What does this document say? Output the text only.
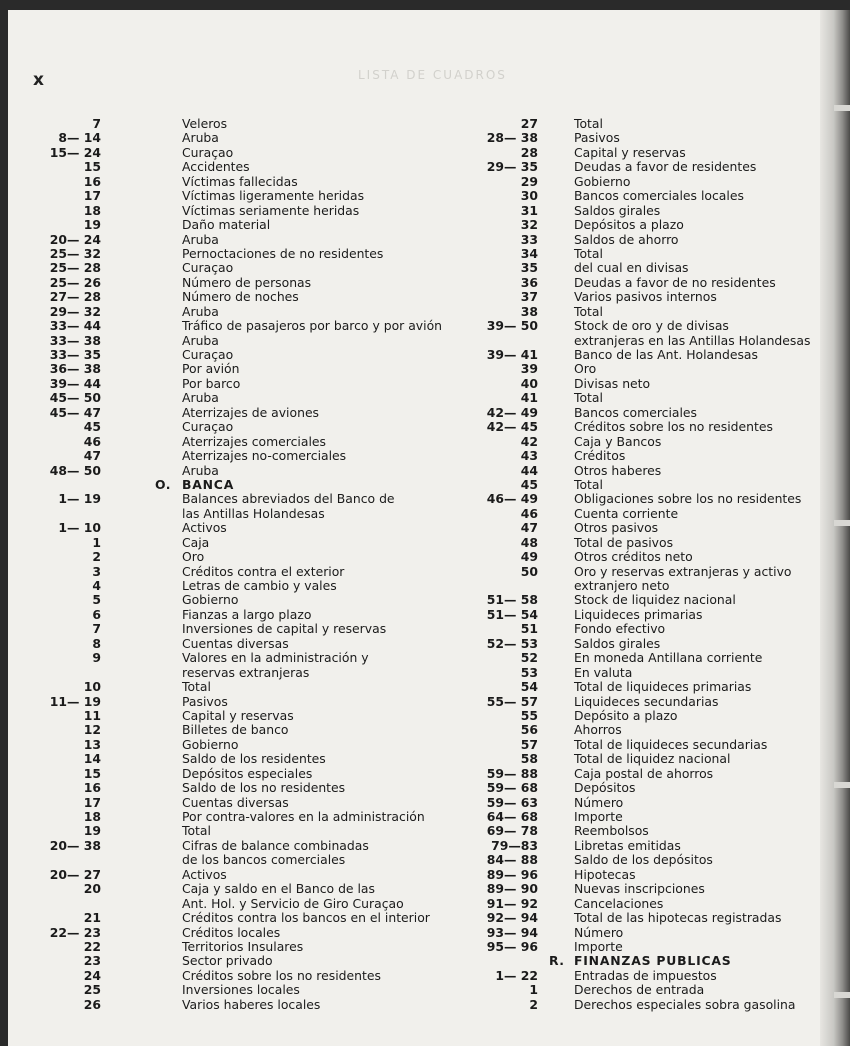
LISTA DE CUADROS
x
7	Veleros
8— 14	Aruba
15— 24	Curaçao
15	Accidentes
16	Víctimas fallecidas
17	Víctimas ligeramente heridas
18	Víctimas seriamente heridas
19	Daño material
20— 24	Aruba
25— 32	Pernoctaciones de no residentes
25— 28	Curaçao
25— 26	Número de personas
27— 28	Número de noches
29— 32	Aruba
33— 44	Tráfico de pasajeros por barco y por avión
33— 38	Aruba
33— 35	Curaçao
36— 38	Por avión
39— 44	Por barco
45— 50	Aruba
45— 47	Aterrizajes de aviones
45	Curaçao
46	Aterrizajes comerciales
47	Aterrizajes no-comerciales
48— 50	Aruba
O. BANCA
1— 19	Balances abreviados del Banco de
las Antillas Holandesas
1— 10	Activos
1	Caja
2	Oro
3	Créditos contra el exterior
4	Letras de cambio y vales
5	Gobierno
6	Fianzas a largo plazo
7	Inversiones de capital y reservas
8	Cuentas diversas
9	Valores en la administración y
reservas extranjeras
10	Total
11— 19	Pasivos
11	Capital y reservas
12	Billetes de banco
13	Gobierno
14	Saldo de los residentes
15	Depósitos especiales
16	Saldo de los no residentes
17	Cuentas diversas
18	Por contra-valores en la administración
19	Total
20— 38	Cifras de balance combinadas
de los bancos comerciales
20— 27	Activos
20	Caja y saldo en el Banco de las
Ant. Hol. y Servicio de Giro Curaçao
21	Créditos contra los bancos en el interior
22— 23	Créditos locales
22	Territorios Insulares
23	Sector privado
24	Créditos sobre los no residentes
25	Inversiones locales
26	Varios haberes locales
27	Total
28— 38	Pasivos
28	Capital y reservas
29— 35	Deudas a favor de residentes
29	Gobierno
30	Bancos comerciales locales
31	Saldos girales
32	Depósitos a plazo
33	Saldos de ahorro
34	Total
35	del cual en divisas
36	Deudas a favor de no residentes
37	Varios pasivos internos
38	Total
39— 50	Stock de oro y de divisas
extranjeras en las Antillas Holandesas
39— 41	Banco de las Ant. Holandesas
39	Oro
40	Divisas neto
41	Total
42— 49	Bancos comerciales
42— 45	Créditos sobre los no residentes
42	Caja y Bancos
43	Créditos
44	Otros haberes
45	Total
46— 49	Obligaciones sobre los no residentes
46	Cuenta corriente
47	Otros pasivos
48	Total de pasivos
49	Otros créditos neto
50	Oro y reservas extranjeras y activo
extranjero neto
51— 58	Stock de liquidez nacional
51— 54	Liquideces primarias
51	Fondo efectivo
52— 53	Saldos girales
52	En moneda Antillana corriente
53	En valuta
54	Total de liquideces primarias
55— 57	Liquideces secundarias
55	Depósito a plazo
56	Ahorros
57	Total de liquideces secundarias
58	Total de liquidez nacional
59— 88	Caja postal de ahorros
59— 68	Depósitos
59— 63	Número
64— 68	Importe
69— 78	Reembolsos
79—83	Libretas emitidas
84— 88	Saldo de los depósitos
89— 96	Hipotecas
89— 90	Nuevas inscripciones
91— 92	Cancelaciones
92— 94	Total de las hipotecas registradas
93— 94	Número
95— 96	Importe
R. FINANZAS PUBLICAS
1— 22	Entradas de impuestos
1	Derechos de entrada
2	Derechos especiales sobra gasolina
